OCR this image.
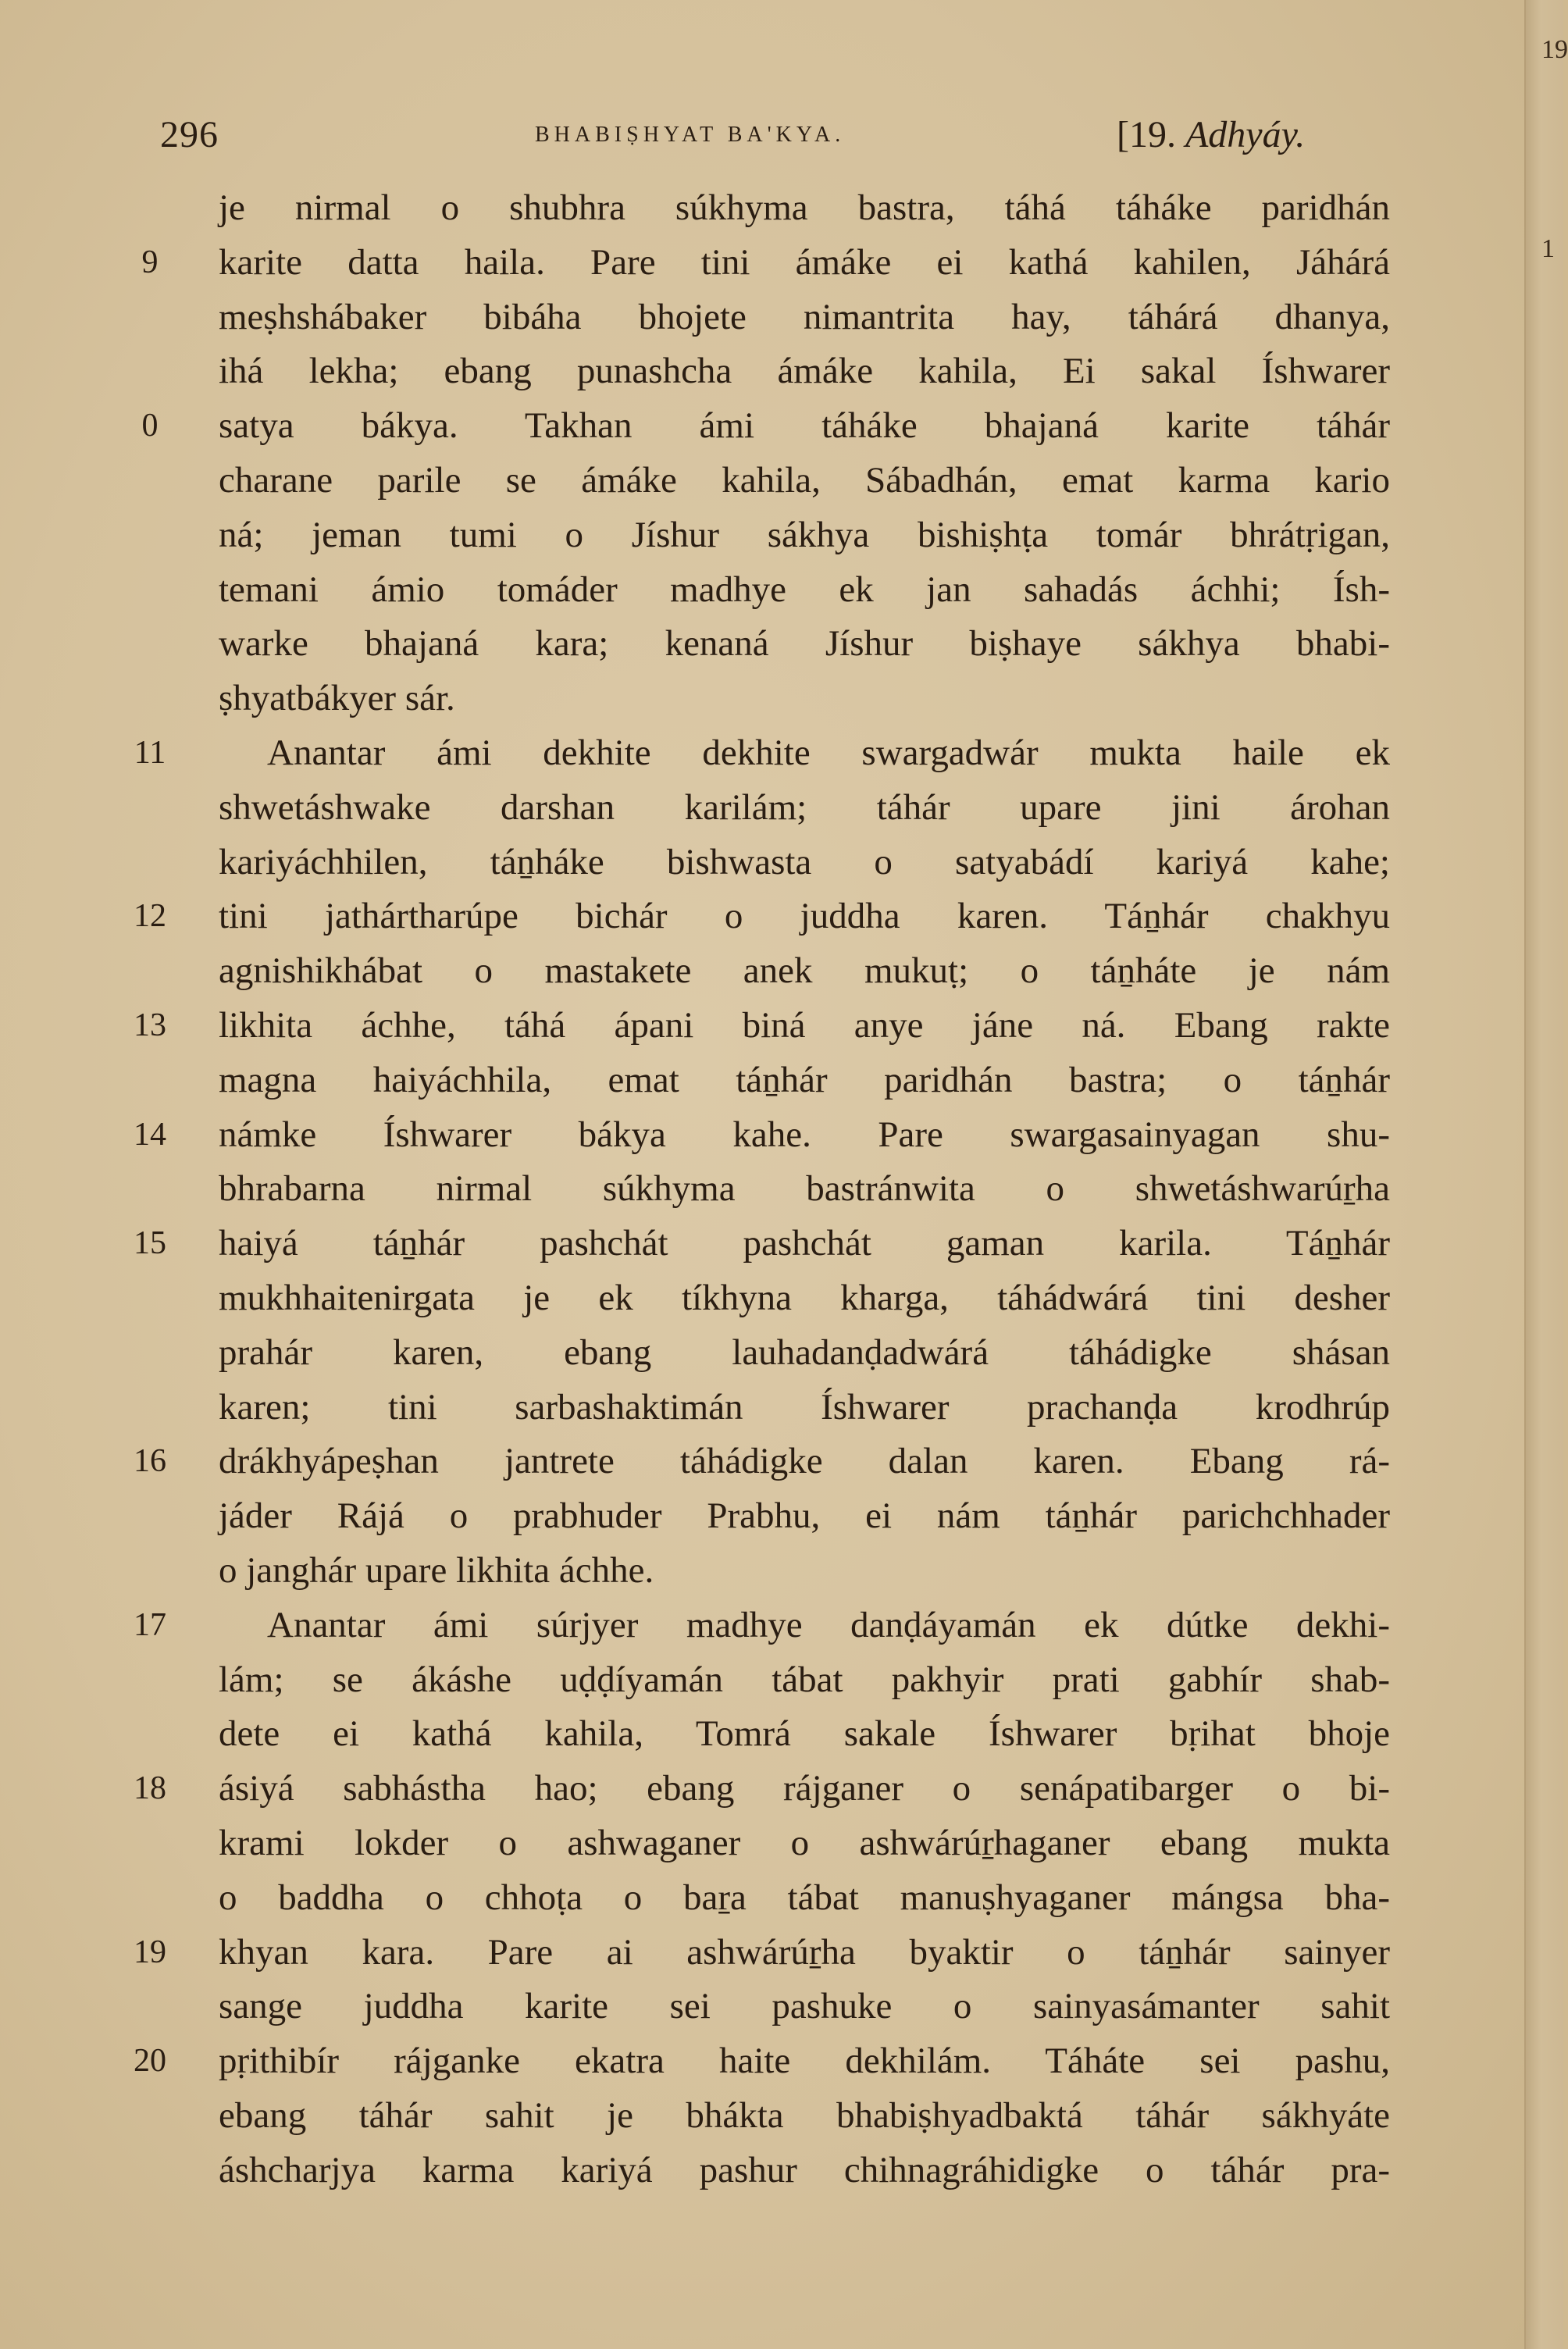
296	BHABIṢHYAT BA'KYA.	[19. Adhyáy.
je nirmal o shubhra súkhyma bastra, táhá táháke paridhán
9 karite datta haila. Pare tini ámáke ei kathá kahilen, Jáhárá
meṣhshábaker bibáha bhojete nimantrita hay, táhárá dhanya,
ihá lekha; ebang punashcha ámáke kahila, Ei sakal Íshwarer
0 satya bákya. Takhan ámi táháke bhajaná karite táhár
charane parile se ámáke kahila, Sábadhán, emat karma kario
ná; jeman tumi o Jíshur sákhya bishiṣhṭa tomár bhrátṛigan,
temani ámio tomáder madhye ek jan sahadás áchhi; Ísh-
warke bhajaná kara; kenaná Jíshur biṣhaye sákhya bhabi-
ṣhyatbákyer sár.
11	Anantar ámi dekhite dekhite swargadwár mukta haile ek
shwetáshwake darshan karilám; táhár upare jini árohan
kariyáchhilen, táṉháke bishwasta o satyabádí kariyá kahe;
12 tini jathártharúpe bichár o juddha karen. Táṉhár chakhyu
agnishikhábat o mastakete anek mukuṭ; o táṉháte je nám
13 likhita áchhe, táhá ápani biná anye jáne ná. Ebang rakte
magna haiyáchhila, emat táṉhár paridhán bastra; o táṉhár
14 námke Íshwarer bákya kahe. Pare swargasainyagan shu-
bhrabarna nirmal súkhyma bastránwita o shwetáshwarúṟha
15 haiyá táṉhár pashchát pashchát gaman karila. Táṉhár
mukhhaitenirgata je ek tíkhyna kharga, táhádwárá tini desher
prahár karen, ebang lauhadanḍadwárá táhádigke shásan
karen; tini sarbashaktimán Íshwarer prachanḍa krodhrúp
16 drákhyápeṣhan jantrete táhádigke dalan karen. Ebang rá-
jáder Rájá o prabhuder Prabhu, ei nám táṉhár parichchhader
o janghár upare likhita áchhe.
17	Anantar ámi súrjyer madhye danḍáyamán ek dútke dekhi-
lám; se ákáshe uḍḍíyamán tábat pakhyir prati gabhír shab-
dete ei kathá kahila, Tomrá sakale Íshwarer bṛihat bhoje
18 ásiyá sabhástha hao; ebang rájganer o senápatibarger o bi-
krami lokder o ashwaganer o ashwárúṟhaganer ebang mukta
o baddha o chhoṭa o baṟa tábat manuṣhyaganer mángsa bha-
19 khyan kara. Pare ai ashwárúṟha byaktir o táṉhár sainyer
sange juddha karite sei pashuke o sainyasámanter sahit
20 pṛithibír rájganke ekatra haite dekhilám. Táháte sei pashu,
ebang táhár sahit je bhákta bhabiṣhyadbaktá táhár sákhyáte
áshcharjya karma kariyá pashur chihnagráhidigke o táhár pra-
19
1
